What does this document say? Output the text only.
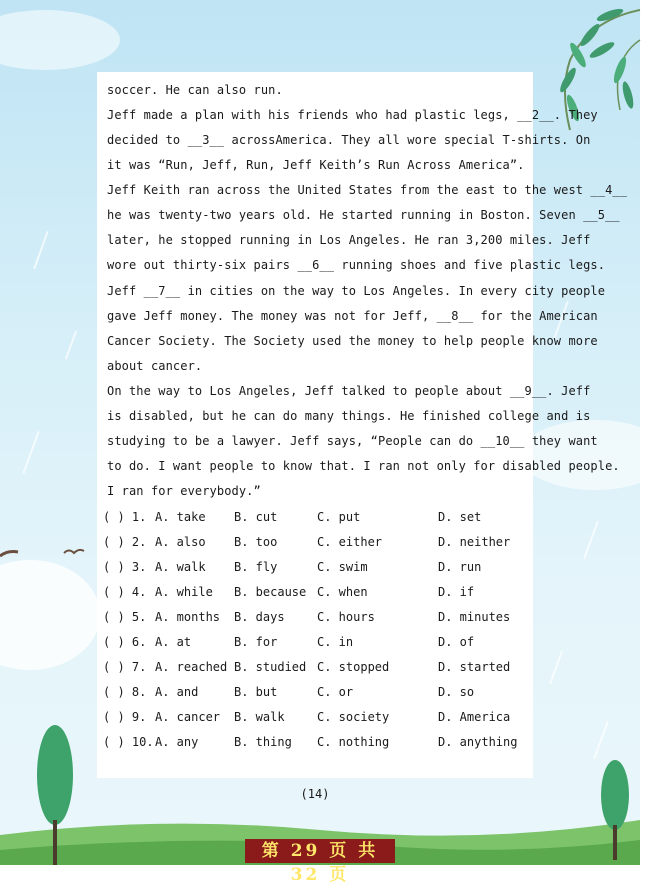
soccer. He can also run.
Jeff made a plan with his friends who had plastic legs, __2__. They
decided to __3__ acrossAmerica. They all wore special T-shirts. On
it was “Run, Jeff, Run, Jeff Keith’s Run Across America”.
Jeff Keith ran across the United States from the east to the west __4__
he was twenty-two years old. He started running in Boston. Seven __5__
later, he stopped running in Los Angeles. He ran 3,200 miles. Jeff
wore out thirty-six pairs __6__ running shoes and five plastic legs.
Jeff __7__ in cities on the way to Los Angeles. In every city people
gave Jeff money. The money was not for Jeff, __8__ for the American
Cancer Society. The Society used the money to help people know more
about cancer.
On the way to Los Angeles, Jeff talked to people about __9__. Jeff
is disabled, but he can do many things. He finished college and is
studying to be a lawyer. Jeff says, “People can do __10__ they want
to do. I want people to know that. I ran not only for disabled people.
I ran for everybody.”
( ) 1. A. take B. cut	C. put	D. set
( ) 2. A. also B. too	C. either	D. neither
( ) 3. A. walk B. fly	C. swim	D. run
( ) 4. A. while B. because C. when	D. if
( ) 5. A. months B. days	C. hours	D. minutes
( ) 6. A. at	B. for	C. in	D. of
( ) 7. A. reached B. studied C. stopped	D. started
( ) 8. A. and	B. but	C. or	D. so
( ) 9. A. cancer B. walk	C. society	D. America
( ) 10. A. any	B. thing C. nothing	D. anything
(14)
第 29 页 共 32 页
